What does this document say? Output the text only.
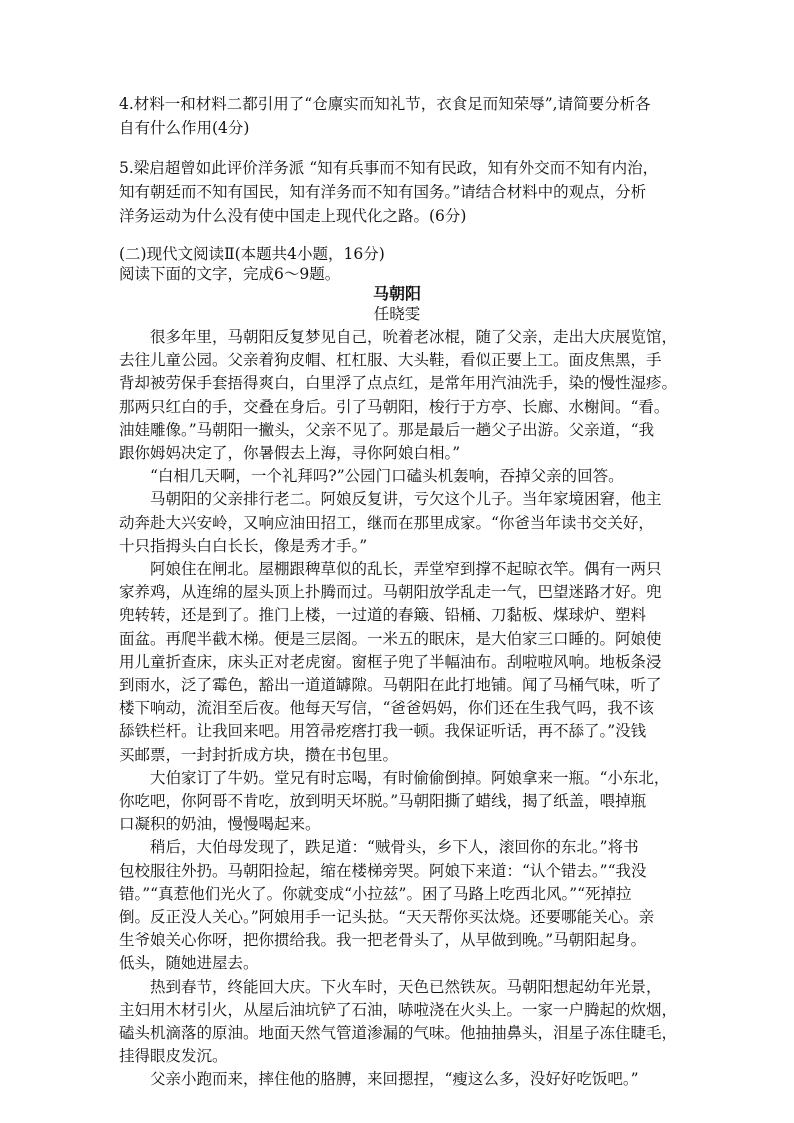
4.材料一和材料二都引用了“仓廪实而知礼节，衣食足而知荣辱”,请简要分析各
自有什么作用(4分)
5.梁启超曾如此评价洋务派 “知有兵事而不知有民政，知有外交而不知有内治，
知有朝廷而不知有国民，知有洋务而不知有国务。”请结合材料中的观点，分析
洋务运动为什么没有使中国走上现代化之路。(6分)
(二)现代文阅读Ⅱ(本题共4小题，16分)
阅读下面的文字，完成6～9题。
马朝阳
任晓雯
　　很多年里，马朝阳反复梦见自己，吮着老冰棍，随了父亲，走出大庆展览馆，
去往儿童公园。父亲着狗皮帽、杠杠服、大头鞋，看似正要上工。面皮焦黑，手
背却被劳保手套捂得爽白，白里浮了点点红，是常年用汽油洗手，染的慢性湿疹。
那两只红白的手，交叠在身后。引了马朝阳，梭行于方亭、长廊、水榭间。“看。
油娃雕像。”马朝阳一撇头，父亲不见了。那是最后一趟父子出游。父亲道，“我
跟你姆妈决定了，你暑假去上海，寻你阿娘白相。”
　　“白相几天啊，一个礼拜吗?”公园门口磕头机轰响，吞掉父亲的回答。
　　马朝阳的父亲排行老二。阿娘反复讲，亏欠这个儿子。当年家境困窘，他主
动奔赴大兴安岭，又响应油田招工，继而在那里成家。“你爸当年读书交关好，
十只指拇头白白长长，像是秀才手。”
　　阿娘住在闸北。屋棚跟稗草似的乱长，弄堂窄到撑不起晾衣竿。偶有一两只
家养鸡，从连绵的屋头顶上扑腾而过。马朝阳放学乱走一气，巴望迷路才好。兜
兜转转，还是到了。推门上楼，一过道的春簸、铅桶、刀黏板、煤球炉、塑料
面盆。再爬半截木梯。便是三层阁。一米五的眠床，是大伯家三口睡的。阿娘使
用儿童折查床，床头正对老虎窗。窗框子兜了半幅油布。刮啦啦风响。地板条浸
到雨水，泛了霉色，豁出一道道罅隙。马朝阳在此打地铺。闻了马桶气味，听了
楼下响动，流泪至后夜。他每天写信，“爸爸妈妈，你们还在生我气吗，我不该
舔铁栏杆。让我回来吧。用笤帚疙瘩打我一顿。我保证听话，再不舔了。”没钱
买邮票，一封封折成方块，攒在书包里。
　　大伯家订了牛奶。堂兄有时忘喝，有时偷偷倒掉。阿娘拿来一瓶。“小东北，
你吃吧，你阿哥不肯吃，放到明天坏脱。”马朝阳撕了蜡线，揭了纸盖，喂掉瓶
口凝积的奶油，慢慢喝起来。
　　稍后，大伯母发现了，跌足道：“贼骨头，乡下人，滚回你的东北。”将书
包校服往外扔。马朝阳捡起，缩在楼梯旁哭。阿娘下来道：“认个错去。”“我没
错。”“真惹他们光火了。你就变成“小拉兹”。困了马路上吃西北风。”“死掉拉
倒。反正没人关心。”阿娘用手一记头挞。“天天帮你买汰烧。还要哪能关心。亲
生爷娘关心你呀，把你掼给我。我一把老骨头了，从早做到晚。”马朝阳起身。
低头，随她进屋去。
　　热到春节，终能回大庆。下火车时，天色已然铁灰。马朝阳想起幼年光景，
主妇用木材引火，从屋后油坑铲了石油，哧啦浇在火头上。一家一户腾起的炊烟，
磕头机滴落的原油。地面天然气管道渗漏的气味。他抽抽鼻头，泪星子冻住睫毛，
挂得眼皮发沉。
　　父亲小跑而来，摔住他的胳膊，来回摁捏，“瘦这么多，没好好吃饭吧。”
